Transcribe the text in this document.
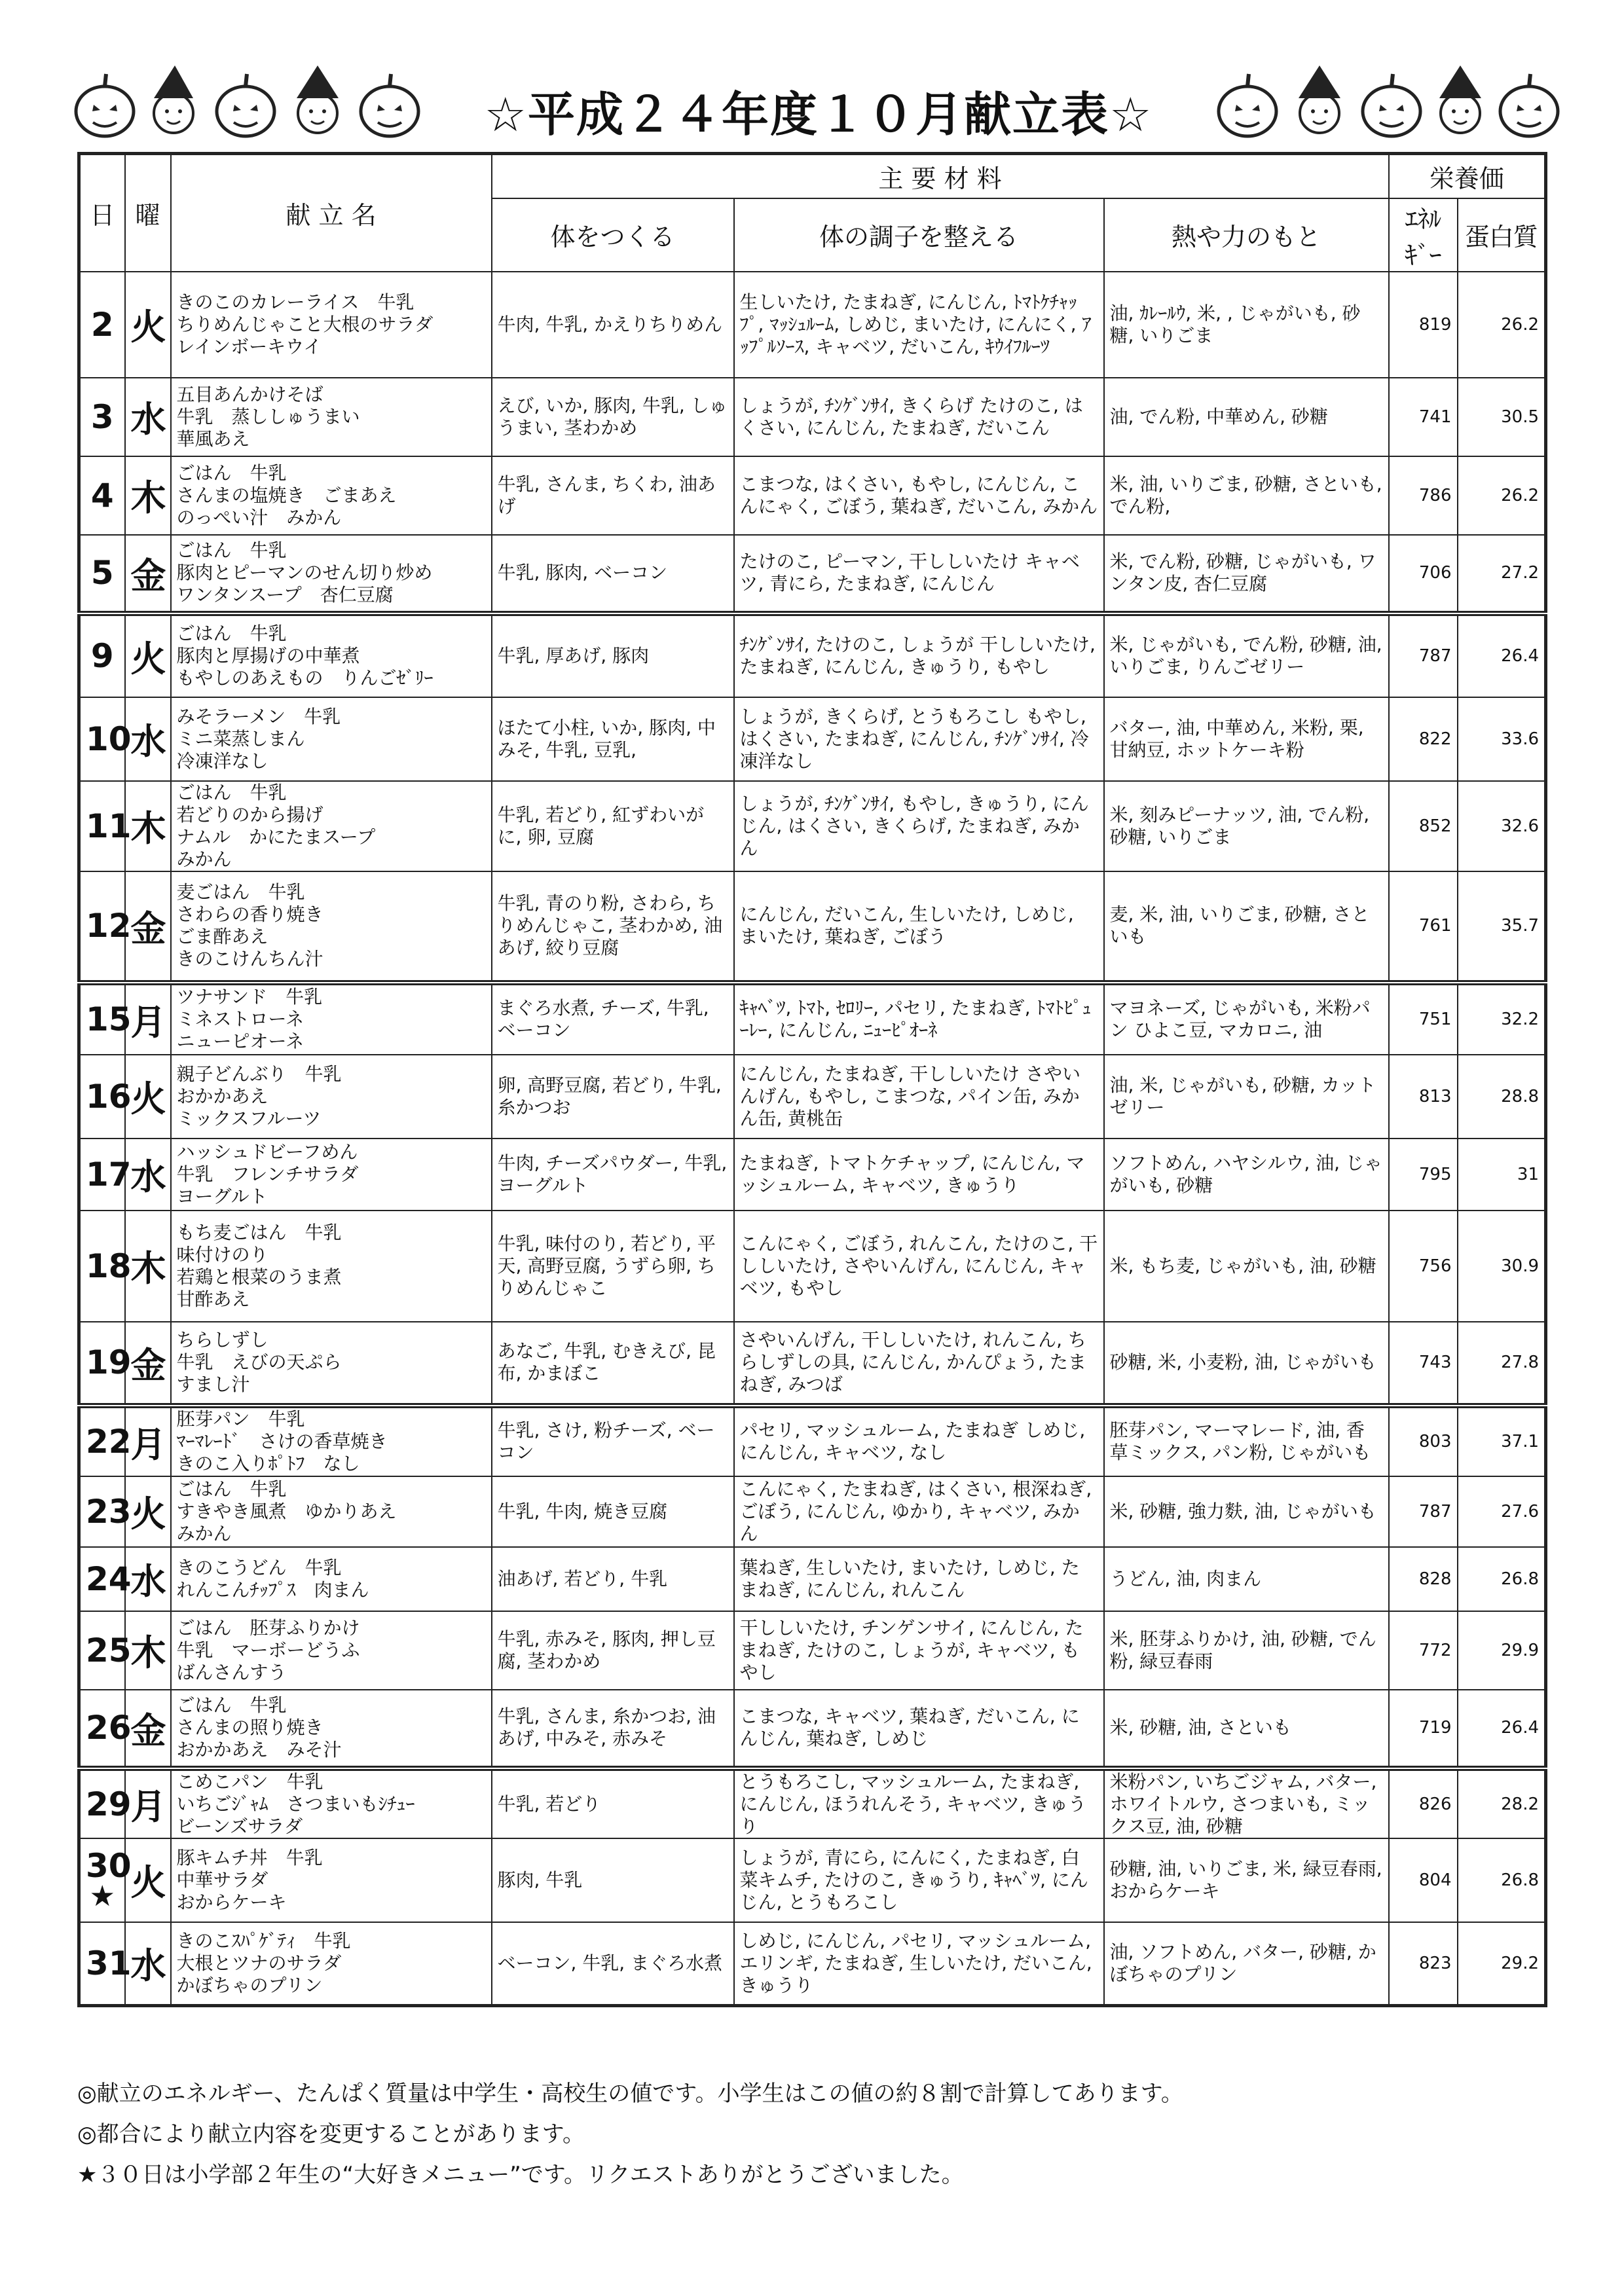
☆平成２４年度１０月献立表☆
日	曜	献 立 名	主 要 材 料			栄養価	
			体をつくる	体の調子を整える	熱や力のもと	ｴﾈﾙｷﾞｰ	蛋白質
2	火	きのこのカレーライス　牛乳
ちりめんじゃこと大根のサラダ
レインボーキウイ	牛肉, 牛乳, かえりちりめん	生しいたけ, たまねぎ, にんじん, ﾄﾏﾄｹﾁｬｯﾌﾟ, ﾏｯｼｭﾙｰﾑ, しめじ, まいたけ, にんにく, ｱｯﾌﾟﾙｿｰｽ, キャベツ, だいこん, ｷｳｲﾌﾙｰﾂ	油, ｶﾚｰﾙｳ, 米, , じゃがいも, 砂糖, いりごま	819	26.2
3	水	五目あんかけそば
牛乳　蒸ししゅうまい
華風あえ	えび, いか, 豚肉, 牛乳, しゅうまい, 茎わかめ	しょうが, ﾁﾝｹﾞﾝｻｲ, きくらげ たけのこ, はくさい, にんじん, たまねぎ, だいこん	油, でん粉, 中華めん, 砂糖	741	30.5
4	木	ごはん　牛乳
さんまの塩焼き　ごまあえ
のっぺい汁　みかん	牛乳, さんま, ちくわ, 油あげ	こまつな, はくさい, もやし, にんじん, こんにゃく, ごぼう, 葉ねぎ, だいこん, みかん	米, 油, いりごま, 砂糖, さといも, でん粉,	786	26.2
5	金	ごはん　牛乳
豚肉とピーマンのせん切り炒め
ワンタンスープ　杏仁豆腐	牛乳, 豚肉, ベーコン	たけのこ, ピーマン, 干ししいたけ キャベツ, 青にら, たまねぎ, にんじん	米, でん粉, 砂糖, じゃがいも, ワンタン皮, 杏仁豆腐	706	27.2
9	火	ごはん　牛乳
豚肉と厚揚げの中華煮
もやしのあえもの　りんごｾﾞﾘｰ	牛乳, 厚あげ, 豚肉	ﾁﾝｹﾞﾝｻｲ, たけのこ, しょうが 干ししいたけ, たまねぎ, にんじん, きゅうり, もやし	米, じゃがいも, でん粉, 砂糖, 油, いりごま, りんごゼリー	787	26.4
10	水	みそラーメン　牛乳
ミニ菜蒸しまん
冷凍洋なし	ほたて小柱, いか, 豚肉, 中みそ, 牛乳, 豆乳,	しょうが, きくらげ, とうもろこし もやし, はくさい, たまねぎ, にんじん, ﾁﾝｹﾞﾝｻｲ, 冷凍洋なし	バター, 油, 中華めん, 米粉, 栗, 甘納豆, ホットケーキ粉	822	33.6
11	木	ごはん　牛乳
若どりのから揚げ
ナムル　かにたまスープ
みかん	牛乳, 若どり, 紅ずわいがに, 卵, 豆腐	しょうが, ﾁﾝｹﾞﾝｻｲ, もやし, きゅうり, にんじん, はくさい, きくらげ, たまねぎ, みかん	米, 刻みピーナッツ, 油, でん粉, 砂糖, いりごま	852	32.6
12	金	麦ごはん　牛乳
さわらの香り焼き
ごま酢あえ
きのこけんちん汁	牛乳, 青のり粉, さわら, ちりめんじゃこ, 茎わかめ, 油あげ, 絞り豆腐	にんじん, だいこん, 生しいたけ, しめじ, まいたけ, 葉ねぎ, ごぼう	麦, 米, 油, いりごま, 砂糖, さといも	761	35.7
15	月	ツナサンド　牛乳
ミネストローネ
ニューピオーネ	まぐろ水煮, チーズ, 牛乳, ベーコン	ｷｬﾍﾞﾂ, ﾄﾏﾄ, ｾﾛﾘｰ, パセリ, たまねぎ, ﾄﾏﾄﾋﾟｭｰﾚｰ, にんじん, ﾆｭｰﾋﾟｵｰﾈ	マヨネーズ, じゃがいも, 米粉パン ひよこ豆, マカロニ, 油	751	32.2
16	火	親子どんぶり　牛乳
おかかあえ
ミックスフルーツ	卵, 高野豆腐, 若どり, 牛乳, 糸かつお	にんじん, たまねぎ, 干ししいたけ さやいんげん, もやし, こまつな, パイン缶, みかん缶, 黄桃缶	油, 米, じゃがいも, 砂糖, カットゼリー	813	28.8
17	水	ハッシュドビーフめん
牛乳　フレンチサラダ
ヨーグルト	牛肉, チーズパウダー, 牛乳, ヨーグルト	たまねぎ, トマトケチャップ, にんじん, マッシュルーム, キャベツ, きゅうり	ソフトめん, ハヤシルウ, 油, じゃがいも, 砂糖	795	31
18	木	もち麦ごはん　牛乳
味付けのり
若鶏と根菜のうま煮
甘酢あえ	牛乳, 味付のり, 若どり, 平天, 高野豆腐, うずら卵, ちりめんじゃこ	こんにゃく, ごぼう, れんこん, たけのこ, 干ししいたけ, さやいんげん, にんじん, キャベツ, もやし	米, もち麦, じゃがいも, 油, 砂糖	756	30.9
19	金	ちらしずし
牛乳　えびの天ぷら
すまし汁	あなご, 牛乳, むきえび, 昆布, かまぼこ	さやいんげん, 干ししいたけ, れんこん, ちらしずしの具, にんじん, かんぴょう, たまねぎ, みつば	砂糖, 米, 小麦粉, 油, じゃがいも	743	27.8
22	月	胚芽パン　牛乳
ﾏｰﾏﾚｰﾄﾞ　さけの香草焼き
きのこ入りﾎﾟﾄﾌ　なし	牛乳, さけ, 粉チーズ, ベーコン	パセリ, マッシュルーム, たまねぎ しめじ, にんじん, キャベツ, なし	胚芽パン, マーマレード, 油, 香草ミックス, パン粉, じゃがいも	803	37.1
23	火	ごはん　牛乳
すきやき風煮　ゆかりあえ
みかん	牛乳, 牛肉, 焼き豆腐	こんにゃく, たまねぎ, はくさい, 根深ねぎ, ごぼう, にんじん, ゆかり, キャベツ, みかん	米, 砂糖, 強力麩, 油, じゃがいも	787	27.6
24	水	きのこうどん　牛乳
れんこんﾁｯﾌﾟｽ　肉まん	油あげ, 若どり, 牛乳	葉ねぎ, 生しいたけ, まいたけ, しめじ, たまねぎ, にんじん, れんこん	うどん, 油, 肉まん	828	26.8
25	木	ごはん　胚芽ふりかけ
牛乳　マーボーどうふ
ばんさんすう	牛乳, 赤みそ, 豚肉, 押し豆腐, 茎わかめ	干ししいたけ, チンゲンサイ, にんじん, たまねぎ, たけのこ, しょうが, キャベツ, もやし	米, 胚芽ふりかけ, 油, 砂糖, でん粉, 緑豆春雨	772	29.9
26	金	ごはん　牛乳
さんまの照り焼き
おかかあえ　みそ汁	牛乳, さんま, 糸かつお, 油あげ, 中みそ, 赤みそ	こまつな, キャベツ, 葉ねぎ, だいこん, にんじん, 葉ねぎ, しめじ	米, 砂糖, 油, さといも	719	26.4
29	月	こめこパン　牛乳
いちごｼﾞｬﾑ　さつまいもｼﾁｭｰ
ビーンズサラダ	牛乳, 若どり	とうもろこし, マッシュルーム, たまねぎ, にんじん, ほうれんそう, キャベツ, きゅうり	米粉パン, いちごジャム, バター, ホワイトルウ, さつまいも, ミックス豆, 油, 砂糖	826	28.2
30
★	火	豚キムチ丼　牛乳
中華サラダ
おからケーキ	豚肉, 牛乳	しょうが, 青にら, にんにく, たまねぎ, 白菜キムチ, たけのこ, きゅうり, ｷｬﾍﾞﾂ, にんじん, とうもろこし	砂糖, 油, いりごま, 米, 緑豆春雨, おからケーキ	804	26.8
31	水	きのこｽﾊﾟｹﾞﾃｨ　牛乳
大根とツナのサラダ
かぼちゃのプリン	ベーコン, 牛乳, まぐろ水煮	しめじ, にんじん, パセリ, マッシュルーム, エリンギ, たまねぎ, 生しいたけ, だいこん, きゅうり	油, ソフトめん, バター, 砂糖, かぼちゃのプリン	823	29.2

◎献立のエネルギー、たんぱく質量は中学生・高校生の値です。小学生はこの値の約８割で計算してあります。

◎都合により献立内容を変更することがあります。

★３０日は小学部２年生の“大好きメニュー”です。リクエストありがとうございました。
